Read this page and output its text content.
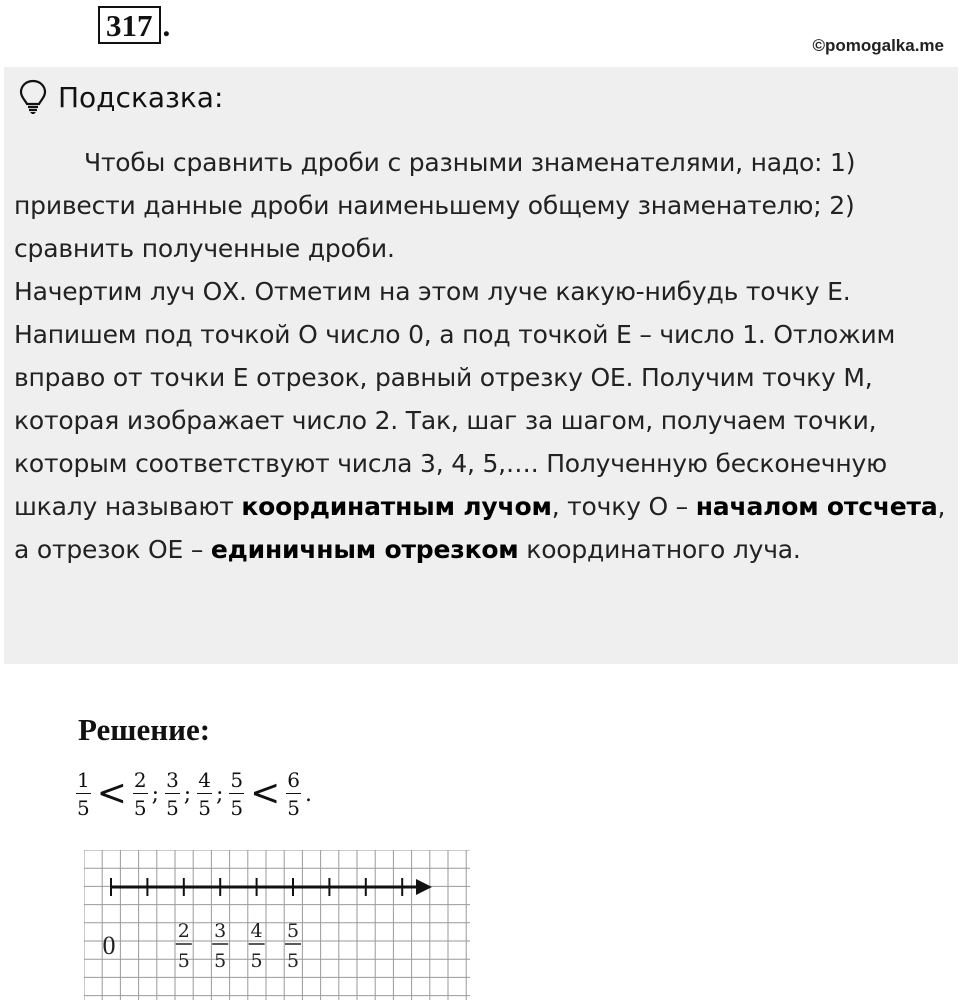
317 .
©pomogalka.me
Подсказка:

Чтобы сравнить дроби с разными знаменателями, надо: 1) привести данные дроби наименьшему общему знаменателю; 2) сравнить полученные дроби.

Начертим луч ОХ. Отметим на этом луче какую-нибудь точку Е. Напишем под точкой О число 0, а под точкой Е – число 1. Отложим вправо от точки Е отрезок, равный отрезку ОЕ. Получим точку М, которая изображает число 2. Так, шаг за шагом, получаем точки, которым соответствуют числа 3, 4, 5,…. Полученную бесконечную шкалу называют координатным лучом, точку О – началом отсчета, а отрезок ОЕ – единичным отрезком координатного луча.

Решение:
$\frac{1}{5} < \frac{2}{5}$ ; $\frac{3}{5}$ ; $\frac{4}{5}$ ; $\frac{5}{5} < \frac{6}{5}$ .
0	2
5
3
5
4
5
5
5
